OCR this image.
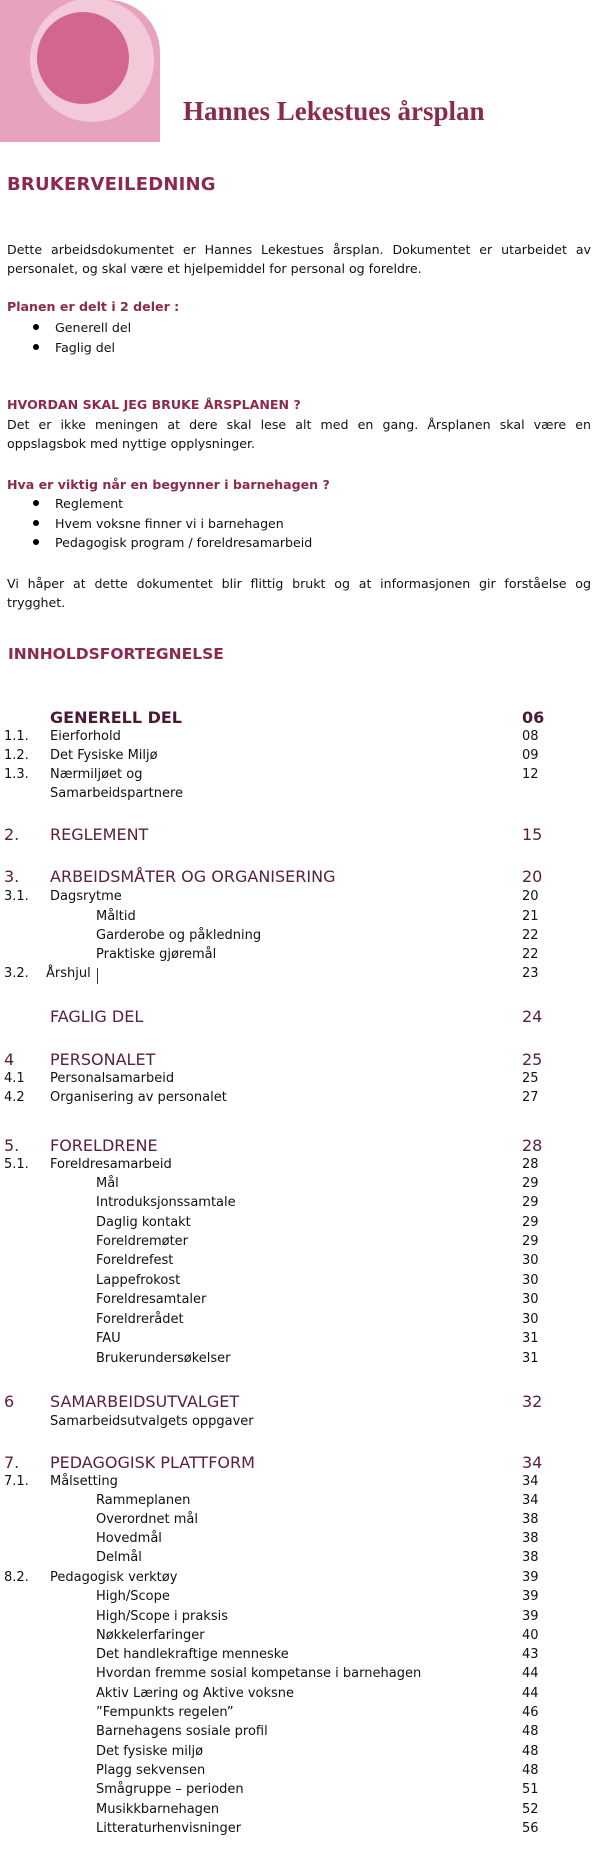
Hannes Lekestues årsplan
BRUKERVEILEDNING
Dette arbeidsdokumentet er Hannes Lekestues årsplan. Dokumentet er utarbeidet av personalet, og skal være et hjelpemiddel for personal og foreldre.
Planen er delt i 2 deler :
Generell del
Faglig del
HVORDAN SKAL JEG BRUKE ÅRSPLANEN ?
Det er ikke meningen at dere skal lese alt med en gang. Årsplanen skal være en oppslagsbok med nyttige opplysninger.
Hva er viktig når en begynner i barnehagen ?
Reglement
Hvem voksne finner vi i barnehagen
Pedagogisk program / foreldresamarbeid
Vi håper at dette dokumentet blir flittig brukt og at informasjonen gir forståelse og trygghet.
INNHOLDSFORTEGNELSE
GENERELL DEL	06
1.1. Eierforhold	08
1.2. Det Fysiske Miljø	09
1.3. Nærmiljøet og	12
Samarbeidspartnere
2. REGLEMENT	15
3. ARBEIDSMÅTER OG ORGANISERING	20
3.1. Dagsrytme	20
Måltid	21
Garderobe og påkledning	22
Praktiske gjøremål	22
3.2. Årshjul	23
FAGLIG DEL	24
4 PERSONALET	25
4.1 Personalsamarbeid	25
4.2 Organisering av personalet	27
5. FORELDRENE	28
5.1. Foreldresamarbeid	28
Mål	29
Introduksjonssamtale	29
Daglig kontakt	29
Foreldremøter	29
Foreldrefest	30
Lappefrokost	30
Foreldresamtaler	30
Foreldrerådet	30
FAU	31
Brukerundersøkelser	31
6 SAMARBEIDSUTVALGET	32
Samarbeidsutvalgets oppgaver
7. PEDAGOGISK PLATTFORM	34
7.1. Målsetting	34
Rammeplanen	34
Overordnet mål	38
Hovedmål	38
Delmål	38
8.2. Pedagogisk verktøy	39
High/Scope	39
High/Scope i praksis	39
Nøkkelerfaringer	40
Det handlekraftige menneske	43
Hvordan fremme sosial kompetanse i barnehagen	44
Aktiv Læring og Aktive voksne	44
”Fempunkts regelen”	46
Barnehagens sosiale profil	48
Det fysiske miljø	48
Plagg sekvensen	48
Smågruppe – perioden	51
Musikkbarnehagen	52
Litteraturhenvisninger	56
